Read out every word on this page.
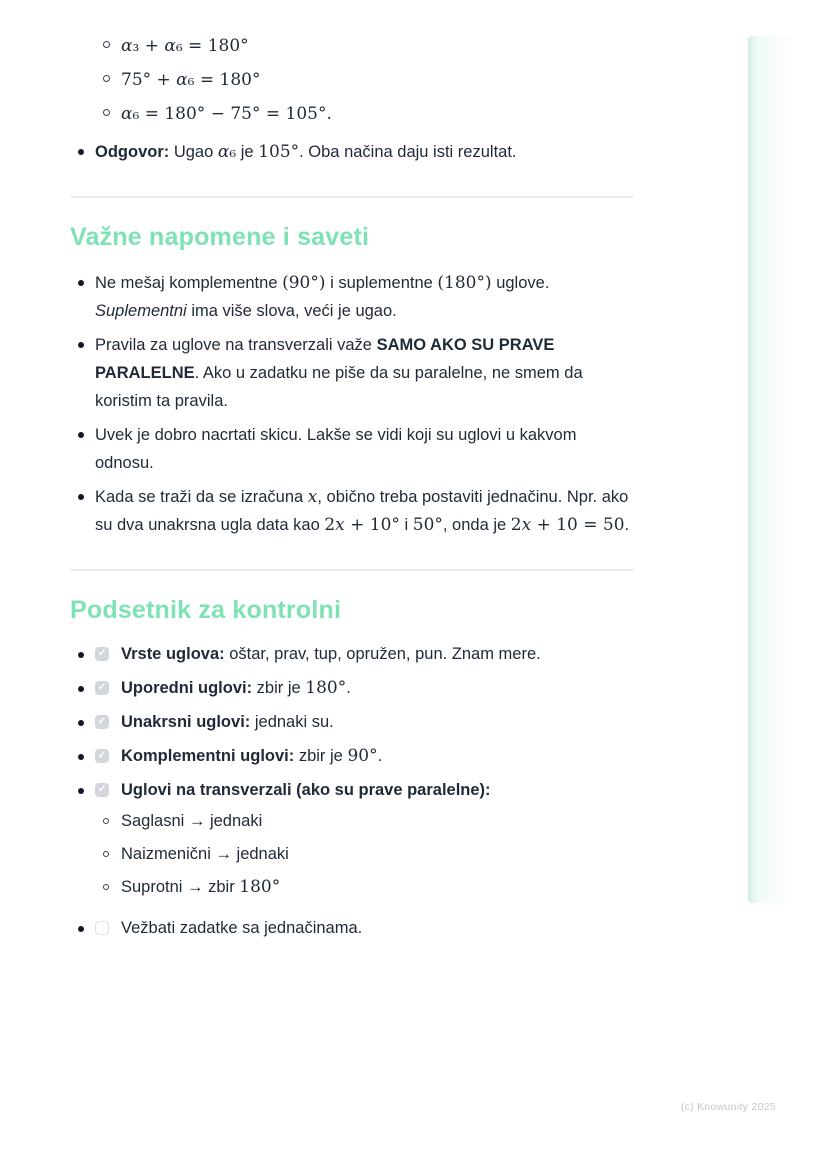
α₃ + α₆ = 180°
75° + α₆ = 180°
α₆ = 180° − 75° = 105°.
Odgovor: Ugao α₆ je 105°. Oba načina daju isti rezultat.
Važne napomene i saveti
Ne mešaj komplementne (90°) i suplementne (180°) uglove. Suplementni ima više slova, veći je ugao.
Pravila za uglove na transverzali važe SAMO AKO SU PRAVE PARALELNE. Ako u zadatku ne piše da su paralelne, ne smem da koristim ta pravila.
Uvek je dobro nacrtati skicu. Lakše se vidi koji su uglovi u kakvom odnosu.
Kada se traži da se izračuna x, obično treba postaviti jednačinu. Npr. ako su dva unakrsna ugla data kao 2x + 10° i 50°, onda je 2x + 10 = 50.
Podsetnik za kontrolni
✓
Vrste uglova: oštar, prav, tup, opružen, pun. Znam mere.
✓
Uporedni uglovi: zbir je 180°.
✓
Unakrsni uglovi: jednaki su.
✓
Komplementni uglovi: zbir je 90°.
✓
Uglovi na transverzali (ako su prave paralelne):
Saglasni → jednaki
Naizmenični → jednaki
Suprotni → zbir 180°
Vežbati zadatke sa jednačinama.
(c) Knowunity 2025
